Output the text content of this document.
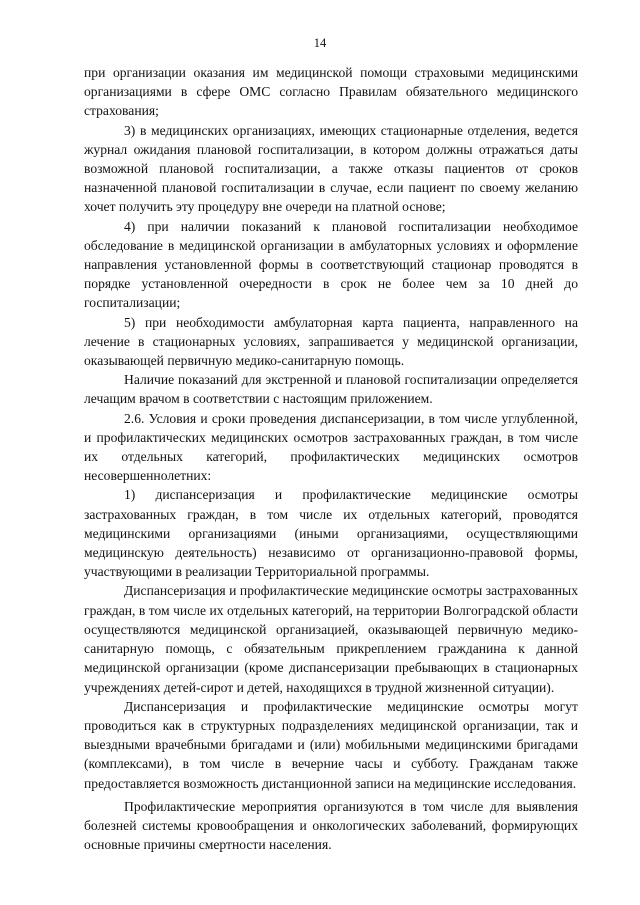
14

при организации оказания им медицинской помощи страховыми медицинскими организациями в сфере ОМС согласно Правилам обязательного медицинского страхования;

3) в медицинских организациях, имеющих стационарные отделения, ведется журнал ожидания плановой госпитализации, в котором должны отражаться даты возможной плановой госпитализации, а также отказы пациентов от сроков назначенной плановой госпитализации в случае, если пациент по своему желанию хочет получить эту процедуру вне очереди на платной основе;

4) при наличии показаний к плановой госпитализации необходимое обследование в медицинской организации в амбулаторных условиях и оформление направления установленной формы в соответствующий стационар проводятся в порядке установленной очередности в срок не более чем за 10 дней до госпитализации;

5) при необходимости амбулаторная карта пациента, направленного на лечение в стационарных условиях, запрашивается у медицинской организации, оказывающей первичную медико-санитарную помощь.

Наличие показаний для экстренной и плановой госпитализации определяется лечащим врачом в соответствии с настоящим приложением.

2.6. Условия и сроки проведения диспансеризации, в том числе углубленной, и профилактических медицинских осмотров застрахованных граждан, в том числе их отдельных категорий, профилактических медицинских осмотров несовершеннолетних:

1) диспансеризация и профилактические медицинские осмотры застрахованных граждан, в том числе их отдельных категорий, проводятся медицинскими организациями (иными организациями, осуществляющими медицинскую деятельность) независимо от организационно-правовой формы, участвующими в реализации Территориальной программы.

Диспансеризация и профилактические медицинские осмотры застрахованных граждан, в том числе их отдельных категорий, на территории Волгоградской области осуществляются медицинской организацией, оказывающей первичную медико-санитарную помощь, с обязательным прикреплением гражданина к данной медицинской организации (кроме диспансеризации пребывающих в стационарных учреждениях детей-сирот и детей, находящихся в трудной жизненной ситуации).

Диспансеризация и профилактические медицинские осмотры могут проводиться как в структурных подразделениях медицинской организации, так и выездными врачебными бригадами и (или) мобильными медицинскими бригадами (комплексами), в том числе в вечерние часы и субботу. Гражданам также предоставляется возможность дистанционной записи на медицинские исследования.

Профилактические мероприятия организуются в том числе для выявления болезней системы кровообращения и онкологических заболеваний, формирующих основные причины смертности населения.
